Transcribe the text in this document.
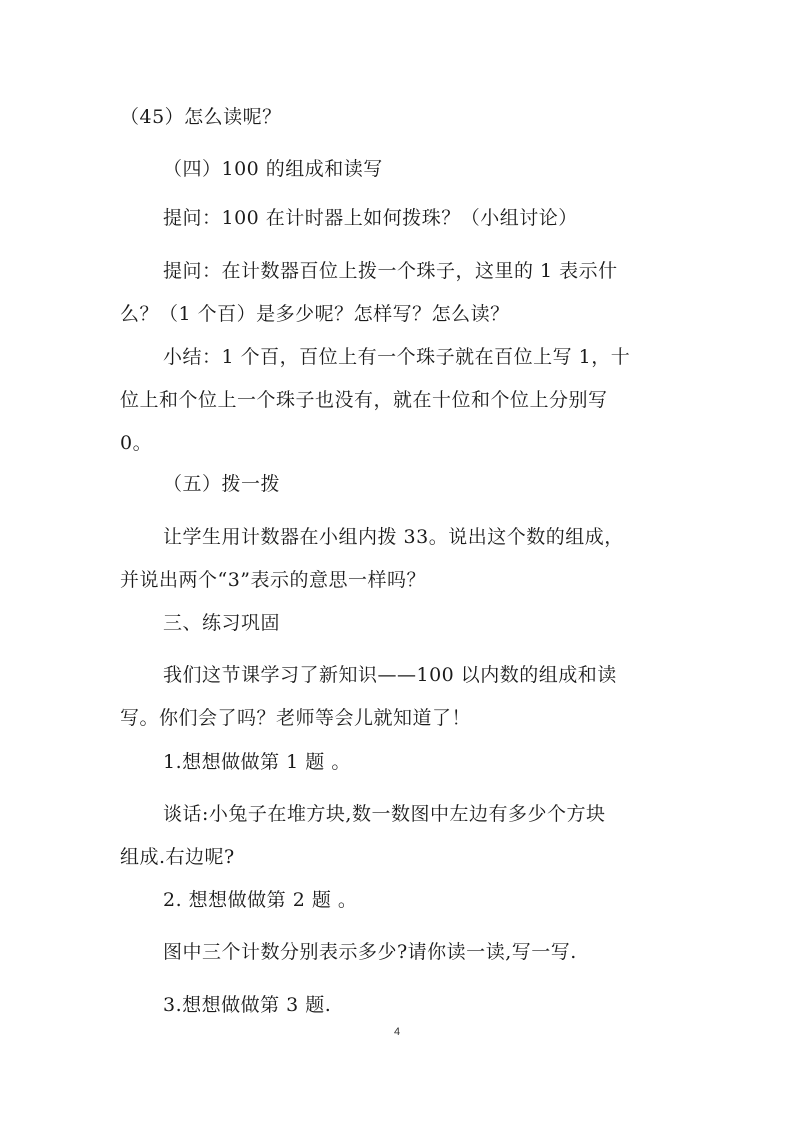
（45）怎么读呢？

（四）100 的组成和读写

提问：100 在计时器上如何拨珠？（小组讨论）

提问：在计数器百位上拨一个珠子，这里的 1 表示什
么？（1 个百）是多少呢？怎样写？怎么读？

小结：1 个百，百位上有一个珠子就在百位上写 1，十
位上和个位上一个珠子也没有，就在十位和个位上分别写
0。

（五）拨一拨

让学生用计数器在小组内拨 33。说出这个数的组成，
并说出两个“3”表示的意思一样吗？

三、练习巩固

我们这节课学习了新知识——100 以内数的组成和读
写。你们会了吗？老师等会儿就知道了！

1.想想做做第 1 题 。

谈话:小兔子在堆方块,数一数图中左边有多少个方块
组成.右边呢?

2. 想想做做第 2 题 。

图中三个计数分别表示多少?请你读一读,写一写.

3.想想做做第 3 题.

4
